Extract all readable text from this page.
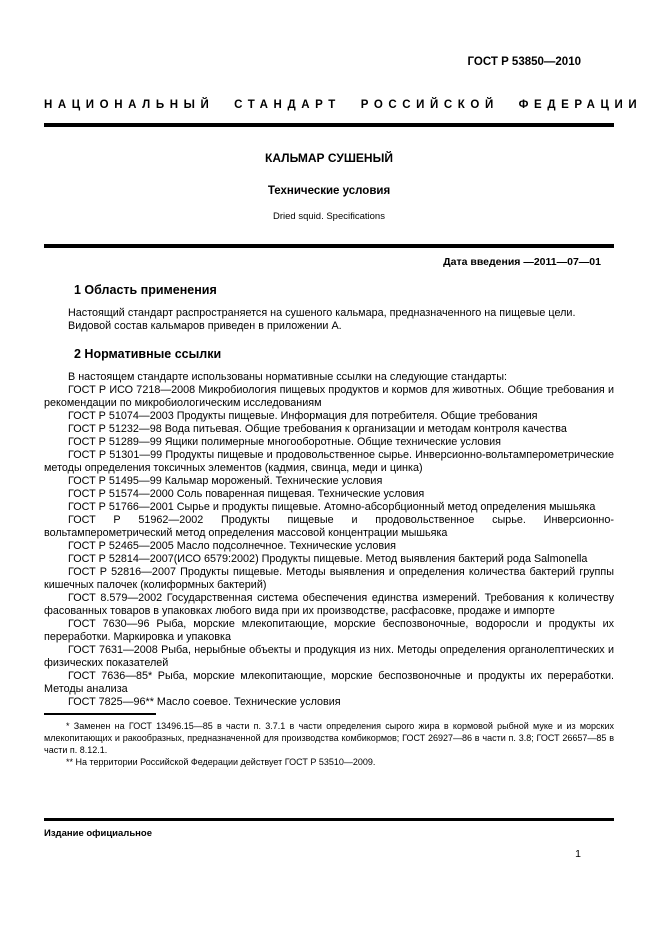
ГОСТ Р 53850—2010
НАЦИОНАЛЬНЫЙ СТАНДАРТ РОССИЙСКОЙ ФЕДЕРАЦИИ
КАЛЬМАР СУШЕНЫЙ
Технические условия
Dried squid. Specifications
Дата введения —2011—07—01
1 Область применения

Настоящий стандарт распространяется на сушеного кальмара, предназначенного на пищевые цели.

Видовой состав кальмаров приведен в приложении А.

2 Нормативные ссылки

В настоящем стандарте использованы нормативные ссылки на следующие стандарты:

ГОСТ Р ИСО 7218—2008 Микробиология пищевых продуктов и кормов для животных. Общие требования и рекомендации по микробиологическим исследованиям

ГОСТ Р 51074—2003 Продукты пищевые. Информация для потребителя. Общие требования

ГОСТ Р 51232—98 Вода питьевая. Общие требования к организации и методам контроля качества

ГОСТ Р 51289—99 Ящики полимерные многооборотные. Общие технические условия

ГОСТ Р 51301—99 Продукты пищевые и продовольственное сырье. Инверсионно-вольтамперометрические методы определения токсичных элементов (кадмия, свинца, меди и цинка)

ГОСТ Р 51495—99 Кальмар мороженый. Технические условия

ГОСТ Р 51574—2000 Соль поваренная пищевая. Технические условия

ГОСТ Р 51766—2001 Сырье и продукты пищевые. Атомно-абсорбционный метод определения мышьяка

ГОСТ Р 51962—2002 Продукты пищевые и продовольственное сырье. Инверсионно-вольтамперометрический метод определения массовой концентрации мышьяка

ГОСТ Р 52465—2005 Масло подсолнечное. Технические условия

ГОСТ Р 52814—2007(ИСО 6579:2002) Продукты пищевые. Метод выявления бактерий рода Salmonella

ГОСТ Р 52816—2007 Продукты пищевые. Методы выявления и определения количества бактерий группы кишечных палочек (колиформных бактерий)

ГОСТ 8.579—2002 Государственная система обеспечения единства измерений. Требования к количеству фасованных товаров в упаковках любого вида при их производстве, расфасовке, продаже и импорте

ГОСТ 7630—96 Рыба, морские млекопитающие, морские беспозвоночные, водоросли и продукты их переработки. Маркировка и упаковка

ГОСТ 7631—2008 Рыба, нерыбные объекты и продукция из них. Методы определения органолептических и физических показателей

ГОСТ 7636—85* Рыба, морские млекопитающие, морские беспозвоночные и продукты их переработки. Методы анализа

ГОСТ 7825—96** Масло соевое. Технические условия

* Заменен на ГОСТ 13496.15—85 в части п. 3.7.1 в части определения сырого жира в кормовой рыбной муке и из морских млекопитающих и ракообразных, предназначенной для производства комбикормов; ГОСТ 26927—86 в части п. 3.8; ГОСТ 26657—85 в части п. 8.12.1.

** На территории Российской Федерации действует ГОСТ Р 53510—2009.

Издание официальное
1
